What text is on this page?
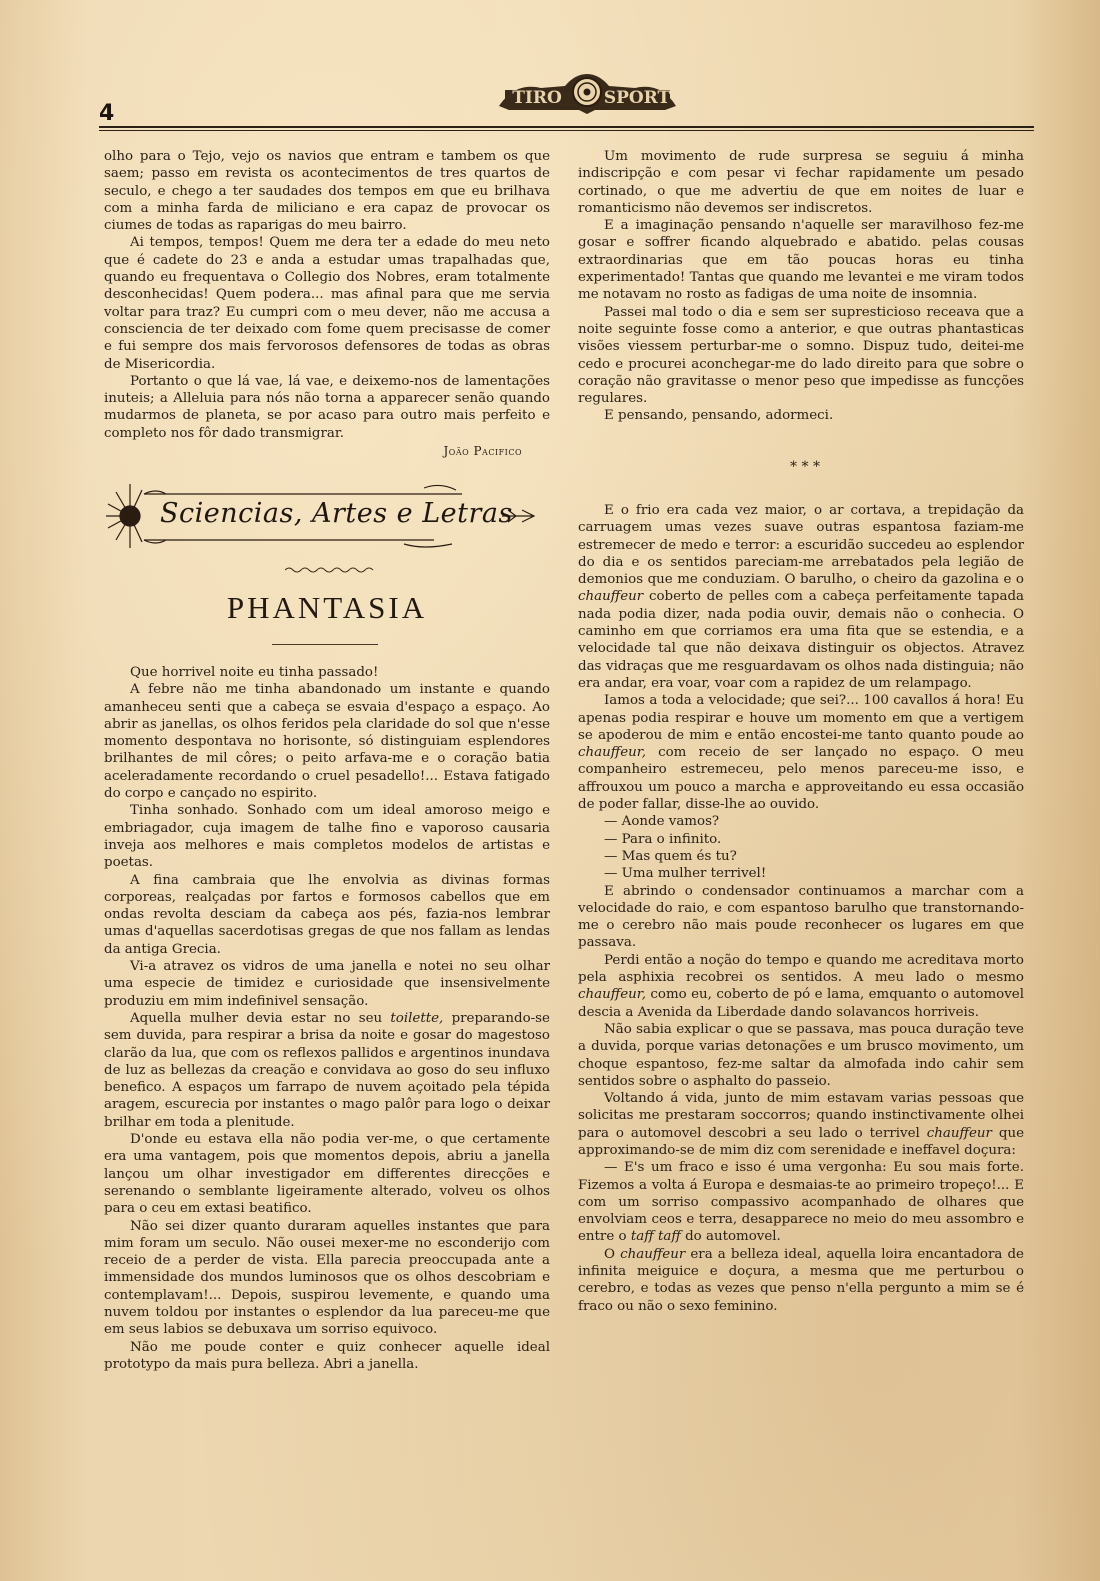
4
TIRO SPORT

olho para o Tejo, vejo os navios que entram e tambem os que saem; passo em revista os acontecimentos de tres quartos de seculo, e chego a ter saudades dos tempos em que eu brilhava com a minha farda de miliciano e era capaz de provocar os ciumes de todas as raparigas do meu bairro.

Ai tempos, tempos! Quem me dera ter a edade do meu neto que é cadete do 23 e anda a estudar umas trapalhadas que, quando eu frequentava o Collegio dos Nobres, eram totalmente desconhecidas! Quem podera... mas afinal para que me servia voltar para traz? Eu cumpri com o meu dever, não me accusa a consciencia de ter deixado com fome quem precisasse de comer e fui sempre dos mais fervorosos defensores de todas as obras de Misericordia.

Portanto o que lá vae, lá vae, e deixemo-nos de lamentações inuteis; a Alleluia para nós não torna a apparecer senão quando mudarmos de planeta, se por acaso para outro mais perfeito e completo nos fôr dado transmigrar.

João Pacifico

Um movimento de rude surpresa se seguiu á minha indiscripção e com pesar vi fechar rapidamente um pesado cortinado, o que me advertiu de que em noites de luar e romanticismo não devemos ser indiscretos.

E a imaginação pensando n'aquelle ser maravilhoso fez-me gosar e soffrer ficando alquebrado e abatido. pelas cousas extraordinarias que em tão poucas horas eu tinha experimentado! Tantas que quando me levantei e me viram todos me notavam no rosto as fadigas de uma noite de insomnia.

Passei mal todo o dia e sem ser supresticioso receava que a noite seguinte fosse como a anterior, e que outras phantasticas visões viessem perturbar-me o somno. Dispuz tudo, deitei-me cedo e procurei aconchegar-me do lado direito para que sobre o coração não gravitasse o menor peso que impedisse as funcções regulares.

E pensando, pensando, adormeci.

* * *
Sciencias, Artes e Letras
PHANTASIA

Que horrivel noite eu tinha passado!

A febre não me tinha abandonado um instante e quando amanheceu senti que a cabeça se esvaia d'espaço a espaço. Ao abrir as janellas, os olhos feridos pela claridade do sol que n'esse momento despontava no horisonte, só distinguiam esplendores brilhantes de mil côres; o peito arfava-me e o coração batia aceleradamente recordando o cruel pesadello!... Estava fatigado do corpo e cançado no espirito.

Tinha sonhado. Sonhado com um ideal amoroso meigo e embriagador, cuja imagem de talhe fino e vaporoso causaria inveja aos melhores e mais completos modelos de artistas e poetas.

A fina cambraia que lhe envolvia as divinas formas corporeas, realçadas por fartos e formosos cabellos que em ondas revolta desciam da cabeça aos pés, fazia-nos lembrar umas d'aquellas sacerdotisas gregas de que nos fallam as lendas da antiga Grecia.

Vi-a atravez os vidros de uma janella e notei no seu olhar uma especie de timidez e curiosidade que insensivelmente produziu em mim indefinivel sensação.

Aquella mulher devia estar no seu toilette, preparando-se sem duvida, para respirar a brisa da noite e gosar do magestoso clarão da lua, que com os reflexos pallidos e argentinos inundava de luz as bellezas da creação e convidava ao goso do seu influxo benefico. A espaços um farrapo de nuvem açoitado pela tépida aragem, escurecia por instantes o mago palôr para logo o deixar brilhar em toda a plenitude.

D'onde eu estava ella não podia ver-me, o que certamente era uma vantagem, pois que momentos depois, abriu a janella lançou um olhar investigador em differentes direcções e serenando o semblante ligeiramente alterado, volveu os olhos para o ceu em extasi beatifico.

Não sei dizer quanto duraram aquelles instantes que para mim foram um seculo. Não ousei mexer-me no esconderijo com receio de a perder de vista. Ella parecia preoccupada ante a immensidade dos mundos luminosos que os olhos descobriam e contemplavam!... Depois, suspirou levemente, e quando uma nuvem toldou por instantes o esplendor da lua pareceu-me que em seus labios se debuxava um sorriso equivoco.

Não me poude conter e quiz conhecer aquelle ideal prototypo da mais pura belleza. Abri a janella.

E o frio era cada vez maior, o ar cortava, a trepidação da carruagem umas vezes suave outras espantosa faziam-me estremecer de medo e terror: a escuridão succedeu ao esplendor do dia e os sentidos pareciam-me arrebatados pela legião de demonios que me conduziam. O barulho, o cheiro da gazolina e o chauffeur coberto de pelles com a cabeça perfeitamente tapada nada podia dizer, nada podia ouvir, demais não o conhecia. O caminho em que corriamos era uma fita que se estendia, e a velocidade tal que não deixava distinguir os objectos. Atravez das vidraças que me resguardavam os olhos nada distinguia; não era andar, era voar, voar com a rapidez de um relampago.

Iamos a toda a velocidade; que sei?... 100 cavallos á hora! Eu apenas podia respirar e houve um momento em que a vertigem se apoderou de mim e então encostei-me tanto quanto poude ao chauffeur, com receio de ser lançado no espaço. O meu companheiro estremeceu, pelo menos pareceu-me isso, e affrouxou um pouco a marcha e approveitando eu essa occasião de poder fallar, disse-lhe ao ouvido.

— Aonde vamos?

— Para o infinito.

— Mas quem és tu?

— Uma mulher terrivel!

E abrindo o condensador continuamos a marchar com a velocidade do raio, e com espantoso barulho que transtornando-me o cerebro não mais poude reconhecer os lugares em que passava.

Perdi então a noção do tempo e quando me acreditava morto pela asphixia recobrei os sentidos. A meu lado o mesmo chauffeur, como eu, coberto de pó e lama, emquanto o automovel descia a Avenida da Liberdade dando solavancos horriveis.

Não sabia explicar o que se passava, mas pouca duração teve a duvida, porque varias detonações e um brusco movimento, um choque espantoso, fez-me saltar da almofada indo cahir sem sentidos sobre o asphalto do passeio.

Voltando á vida, junto de mim estavam varias pessoas que solicitas me prestaram soccorros; quando instinctivamente olhei para o automovel descobri a seu lado o terrivel chauffeur que approximando-se de mim diz com serenidade e ineffavel doçura:

— E's um fraco e isso é uma vergonha: Eu sou mais forte. Fizemos a volta á Europa e desmaias-te ao primeiro tropeço!... E com um sorriso compassivo acompanhado de olhares que envolviam ceos e terra, desapparece no meio do meu assombro e entre o taff taff do automovel.

O chauffeur era a belleza ideal, aquella loira encantadora de infinita meiguice e doçura, a mesma que me perturbou o cerebro, e todas as vezes que penso n'ella pergunto a mim se é fraco ou não o sexo feminino.
